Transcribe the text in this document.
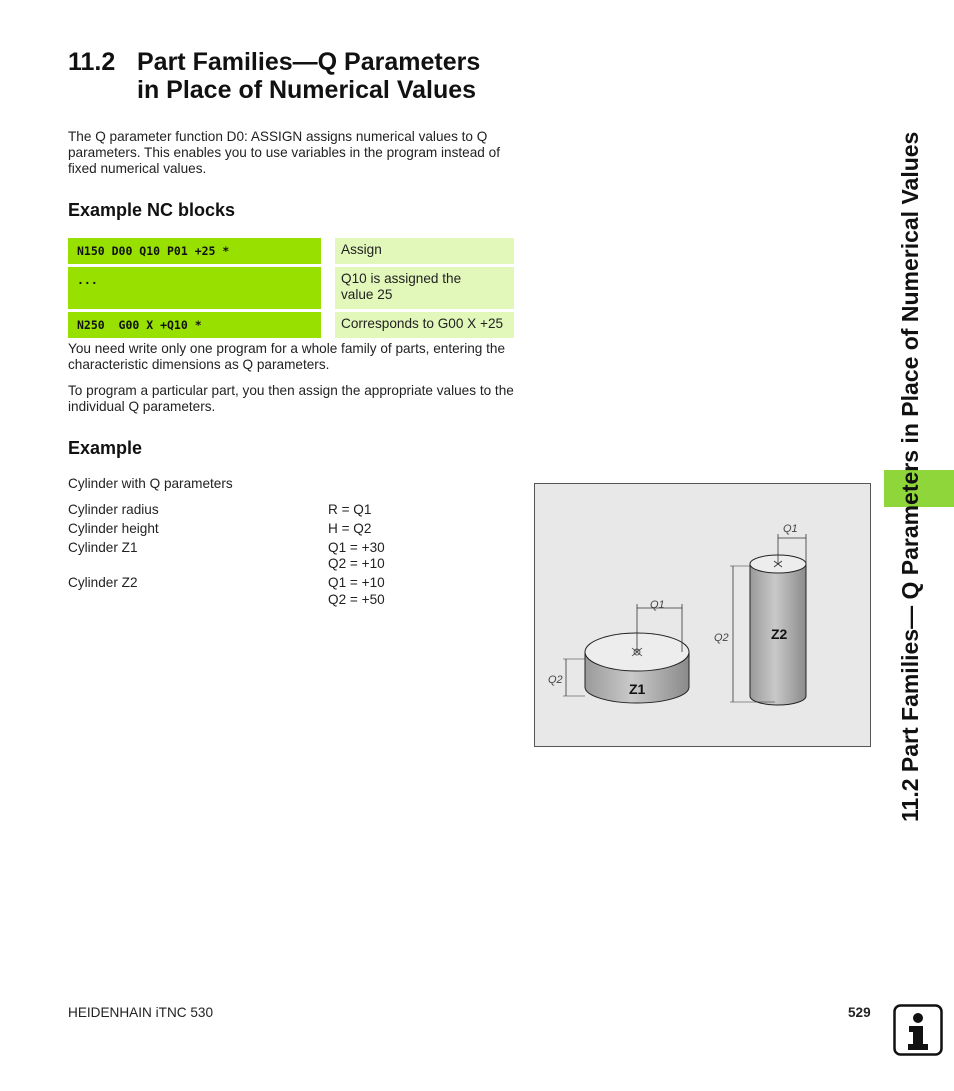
11.2 Part Families—Q Parameters
in Place of Numerical Values
The Q parameter function D0: ASSIGN assigns numerical values to Q parameters. This enables you to use variables in the program instead of fixed numerical values.
Example NC blocks
N150 D00 Q10 P01 +25 *		Assign
...		Q10 is assigned the value 25

N250  G00 X +Q10 *		Corresponds to G00 X +25
You need write only one program for a whole family of parts, entering the characteristic dimensions as Q parameters.
To program a particular part, you then assign the appropriate values to the individual Q parameters.
Example
Cylinder with Q parameters
Cylinder radius	R = Q1
Cylinder height	H = Q2
Cylinder Z1	Q1 = +30
Q2 = +10
Cylinder Z2	Q1 = +10
Q2 = +50
Z1
Z2
Q1
Q1
Q2
Q2	11.2 Part Families— Q Parameters in Place of Numerical Values
HEIDENHAIN iTNC 530	529
